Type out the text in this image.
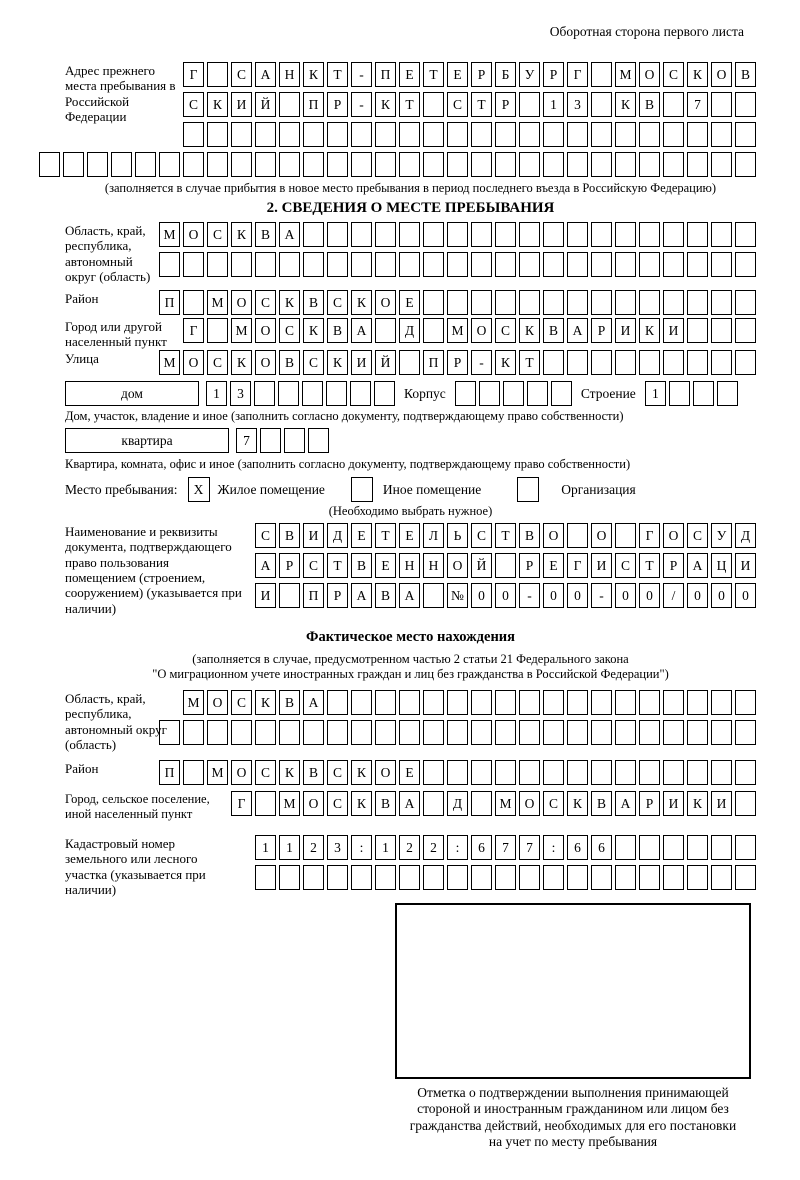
Оборотная сторона первого листа
Адрес прежнего места пребывания в Российской Федерации
Г	С	А	Н	К	Т	-	П	Е	Т	Е	Р	Б	У	Р	Г	М О	С	К	О	В
С	К	И	Й	П	Р	-	К	Т	С	Т	Р	1	3	К	В	7
(заполняется в случае прибытия в новое место пребывания в период последнего въезда в Российскую Федерацию)
2. СВЕДЕНИЯ О МЕСТЕ ПРЕБЫВАНИЯ
Область, край, республика, автономный округ (область)
М О	С	К	В	А
Район	П	М О	С	К	В	С	К	О	Е
Город или другой населенный пункт
Г	М О	С	К	В	А	Д	М О	С	К	В	А	Р	И	К	И
Улица	М О	С	К	О	В	С	К	И	Й	П	Р	-	К	Т
дом	1	3	Корпус	Строение	1
Дом, участок, владение и иное (заполнить согласно документу, подтверждающему право собственности)
квартира	7
Квартира, комната, офис и иное (заполнить согласно документу, подтверждающему право собственности)
Место пребывания:	X	Жилое помещение	Иное помещение	Организация
(Необходимо выбрать нужное)
Наименование и реквизиты документа, подтверждающего право пользования помещением (строением, сооружением) (указывается при наличии)
С	В	И	Д	Е	Т	Е	Л	Ь	С	Т	В	О	О	Г	О	С	У	Д
А	Р	С	Т	В	Е	Н	Н	О	Й	Р	Е	Г	И	С	Т	Р	А	Ц	И
И	П	Р	А	В	А	№	0	0	-	0	0	-	0	0	/	0	0	0
Фактическое место нахождения
(заполняется в случае, предусмотренном частью 2 статьи 21 Федерального закона
"О миграционном учете иностранных граждан и лиц без гражданства в Российской Федерации")
Область, край, республика, автономный округ (область)
М О	С	К	В	А
Район	П	М О	С	К	В	С	К	О	Е
Город, сельское поселение, иной населенный пункт
Г	М О	С	К	В	А	Д	М О	С	К	В	А	Р	И	К	И
Кадастровый номер земельного или лесного участка (указывается при наличии)
1	1	2	3	:	1	2	2	:	6	7	7	:	6	6
Отметка о подтверждении выполнения принимающей
стороной и иностранным гражданином или лицом без
гражданства действий, необходимых для его постановки
на учет по месту пребывания
